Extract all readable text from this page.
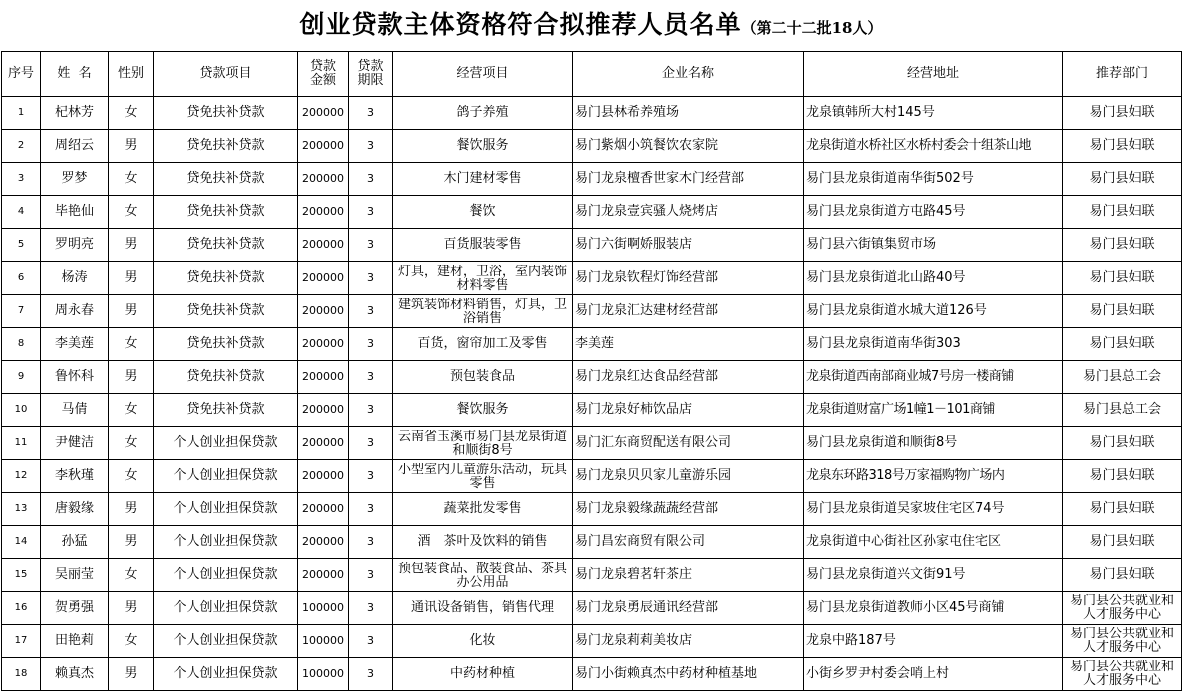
创业贷款主体资格符合拟推荐人员名单（第二十二批18人）
序号	姓  名	性别	贷款项目	贷款金额	贷款期限	经营项目	企业名称	经营地址	推荐部门
1	杞林芳	女	贷免扶补贷款	200000	3	鸽子养殖	易门县林希养殖场	龙泉镇韩所大村145号	易门县妇联
2	周绍云	男	贷免扶补贷款	200000	3	餐饮服务	易门紫烟小筑餐饮农家院	龙泉街道水桥社区水桥村委会十组茶山地	易门县妇联
3	罗梦	女	贷免扶补贷款	200000	3	木门建材零售	易门龙泉檀香世家木门经营部	易门县龙泉街道南华街502号	易门县妇联
4	毕艳仙	女	贷免扶补贷款	200000	3	餐饮	易门龙泉壹宾骚人烧烤店	易门县龙泉街道方屯路45号	易门县妇联
5	罗明亮	男	贷免扶补贷款	200000	3	百货服装零售	易门六街啊娇服装店	易门县六街镇集贸市场	易门县妇联
6	杨涛	男	贷免扶补贷款	200000	3	灯具，建材，卫浴，室内装饰材料零售	易门龙泉钦程灯饰经营部	易门县龙泉街道北山路40号	易门县妇联
7	周永春	男	贷免扶补贷款	200000	3	建筑装饰材料销售，灯具，卫浴销售	易门龙泉汇达建材经营部	易门县龙泉街道水城大道126号	易门县妇联
8	李美莲	女	贷免扶补贷款	200000	3	百货，窗帘加工及零售	李美莲	易门县龙泉街道南华街303	易门县妇联
9	鲁怀科	男	贷免扶补贷款	200000	3	预包装食品	易门龙泉红达食品经营部	龙泉街道西南部商业城7号房一楼商铺	易门县总工会
10	马倩	女	贷免扶补贷款	200000	3	餐饮服务	易门龙泉好柿饮品店	龙泉街道财富广场1幢1－101商铺	易门县总工会
11	尹健洁	女	个人创业担保贷款	200000	3	云南省玉溪市易门县龙泉街道和顺街8号	易门汇东商贸配送有限公司	易门县龙泉街道和顺街8号	易门县妇联
12	李秋瑾	女	个人创业担保贷款	200000	3	小型室内儿童游乐活动，玩具零售	易门龙泉贝贝家儿童游乐园	龙泉东环路318号万家福购物广场内	易门县妇联
13	唐毅缘	男	个人创业担保贷款	200000	3	蔬菜批发零售	易门龙泉毅缘蔬蔬经营部	易门县龙泉街道吴家坡住宅区74号	易门县妇联
14	孙猛	男	个人创业担保贷款	200000	3	酒　茶叶及饮料的销售	易门昌宏商贸有限公司	龙泉街道中心街社区孙家屯住宅区	易门县妇联
15	吴丽莹	女	个人创业担保贷款	200000	3	预包装食品、散装食品、茶具办公用品	易门龙泉碧茗轩茶庄	易门县龙泉街道兴文街91号	易门县妇联
16	贺勇强	男	个人创业担保贷款	100000	3	通讯设备销售，销售代理	易门龙泉勇辰通讯经营部	易门县龙泉街道教师小区45号商铺	易门县公共就业和人才服务中心

17	田艳莉	女	个人创业担保贷款	100000	3	化妆	易门龙泉莉莉美妆店	龙泉中路187号	易门县公共就业和人才服务中心

18	赖真杰	男	个人创业担保贷款	100000	3	中药材种植	易门小街赖真杰中药材种植基地	小街乡罗尹村委会哨上村	易门县公共就业和人才服务中心
